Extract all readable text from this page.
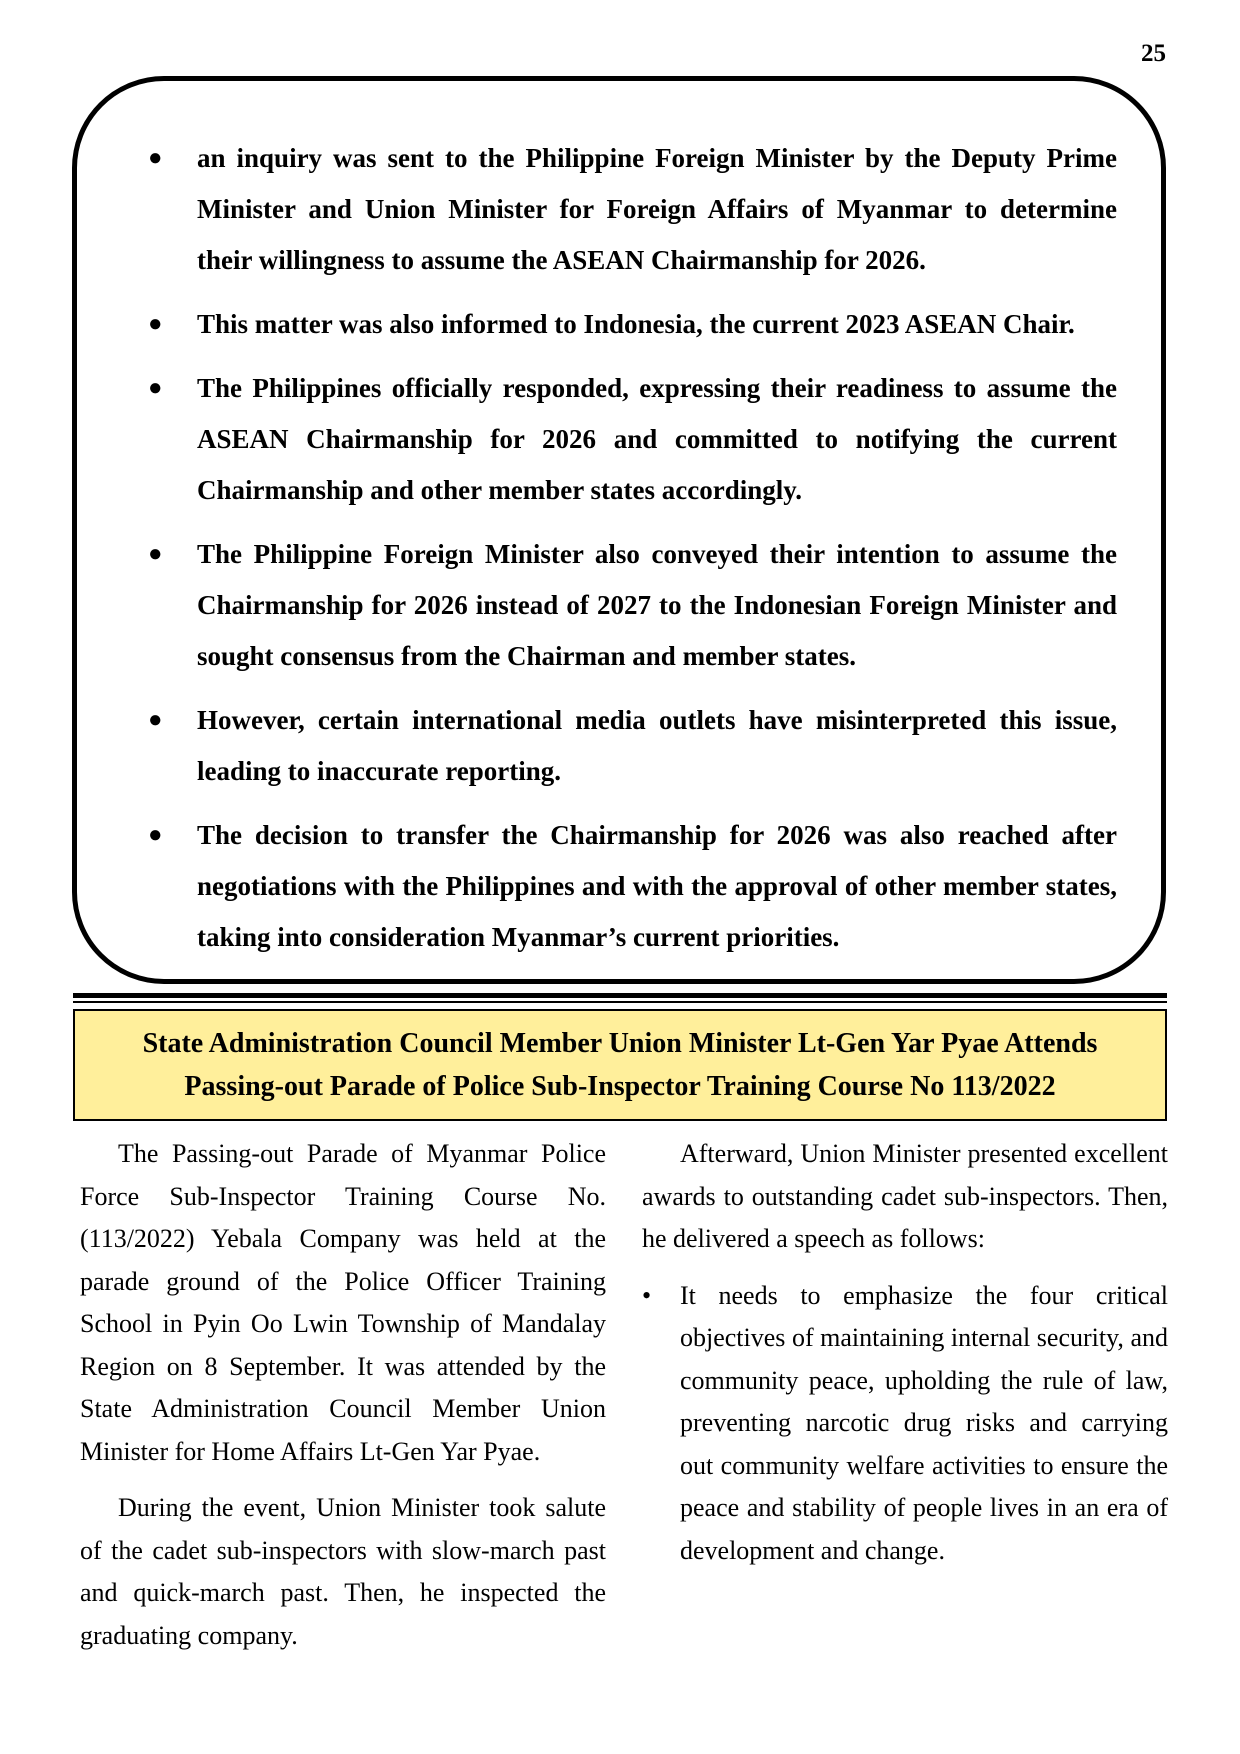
25
● an inquiry was sent to the Philippine Foreign Minister by the Deputy Prime Minister and Union Minister for Foreign Affairs of Myanmar to determine their willingness to assume the ASEAN Chairmanship for 2026.
● This matter was also informed to Indonesia, the current 2023 ASEAN Chair.
● The Philippines officially responded, expressing their readiness to assume the ASEAN Chairmanship for 2026 and committed to notifying the current Chairmanship and other member states accordingly.
● The Philippine Foreign Minister also conveyed their intention to assume the Chairmanship for 2026 instead of 2027 to the Indonesian Foreign Minister and sought consensus from the Chairman and member states.
● However, certain international media outlets have misinterpreted this issue, leading to inaccurate reporting.
● The decision to transfer the Chairmanship for 2026 was also reached after negotiations with the Philippines and with the approval of other member states, taking into consideration Myanmar’s current priorities.
State Administration Council Member Union Minister Lt-Gen Yar Pyae Attends
Passing-out Parade of Police Sub-Inspector Training Course No 113/2022

The Passing-out Parade of Myanmar Police Force Sub-Inspector Training Course No. (113/2022) Yebala Company was held at the parade ground of the Police Officer Training School in Pyin Oo Lwin Township of Mandalay Region on 8 September. It was attended by the State Administration Council Member Union Minister for Home Affairs Lt-Gen Yar Pyae.

During the event, Union Minister took salute of the cadet sub-inspectors with slow-march past and quick-march past. Then, he inspected the graduating company.

Afterward, Union Minister presented excellent awards to outstanding cadet sub-inspectors. Then, he delivered a speech as follows:

• It needs to emphasize the four critical objectives of maintaining internal security, and community peace, upholding the rule of law, preventing narcotic drug risks and carrying out community welfare activities to ensure the peace and stability of people lives in an era of development and change.
